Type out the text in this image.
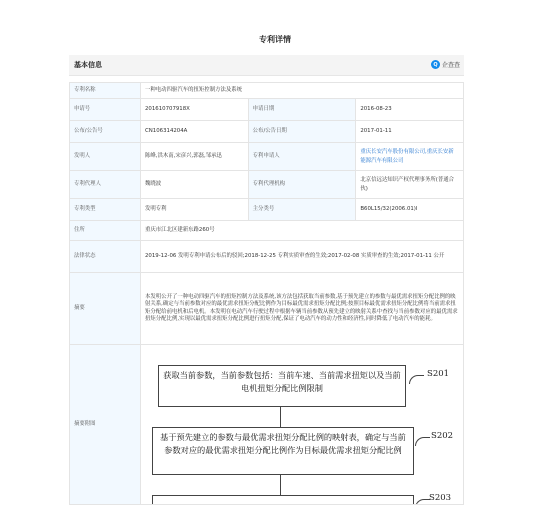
专利详情
基本信息	Q 企查查
专利名称	一种电动四驱汽车的扭矩控制方法及系统		
申请号	201610707918X	申请日期	2016-08-23
公布/公告号	CN106314204A	公布/公告日期	2017-01-11
发明人	陈峰,洪木南,宋彦兴,郭磊,邹承迅	专利申请人	重庆长安汽车股份有限公司,重庆长安新能源汽车有限公司
专利代理人	魏晓波	专利代理机构	北京信远达知识产权代理事务所(普通合伙)
专利类型	发明专利	主分类号	B60L15/32(2006.01)I
住所	重庆市江北区建新东路260号		
法律状态	2019-12-06 发明专利申请公布后的驳回;2018-12-25 专利实质审查的生效;2017-02-08 实质审查的生效;2017-01-11 公开		
摘要	本发明公开了一种电动四驱汽车的扭矩控制方法及系统,该方法包括获取当前参数,基于预先建立的参数与最优需求扭矩分配比例的映射关系,确定与当前参数对应的最优需求扭矩分配比例作为目标最优需求扭矩分配比例;按照目标最优需求扭矩分配比例将当前需求扭矩分配给前电机和后电机。本发明在电动汽车行驶过程中根据车辆当前参数从预先建立的映射关系中查找与当前参数对应的最优需求扭矩分配比例,实现以最优需求扭矩分配比例进行扭矩分配,保证了电动汽车的动力性和经济性,同时降低了电动汽车的能耗。		
摘要附图			
获取当前参数，当前参数包括：当前车速、当前需求扭矩以及当前电机扭矩分配比例限制
S201
基于预先建立的参数与最优需求扭矩分配比例的映射表，确定与当前参数对应的最优需求扭矩分配比例作为目标最优需求扭矩分配比例
S202
S203
